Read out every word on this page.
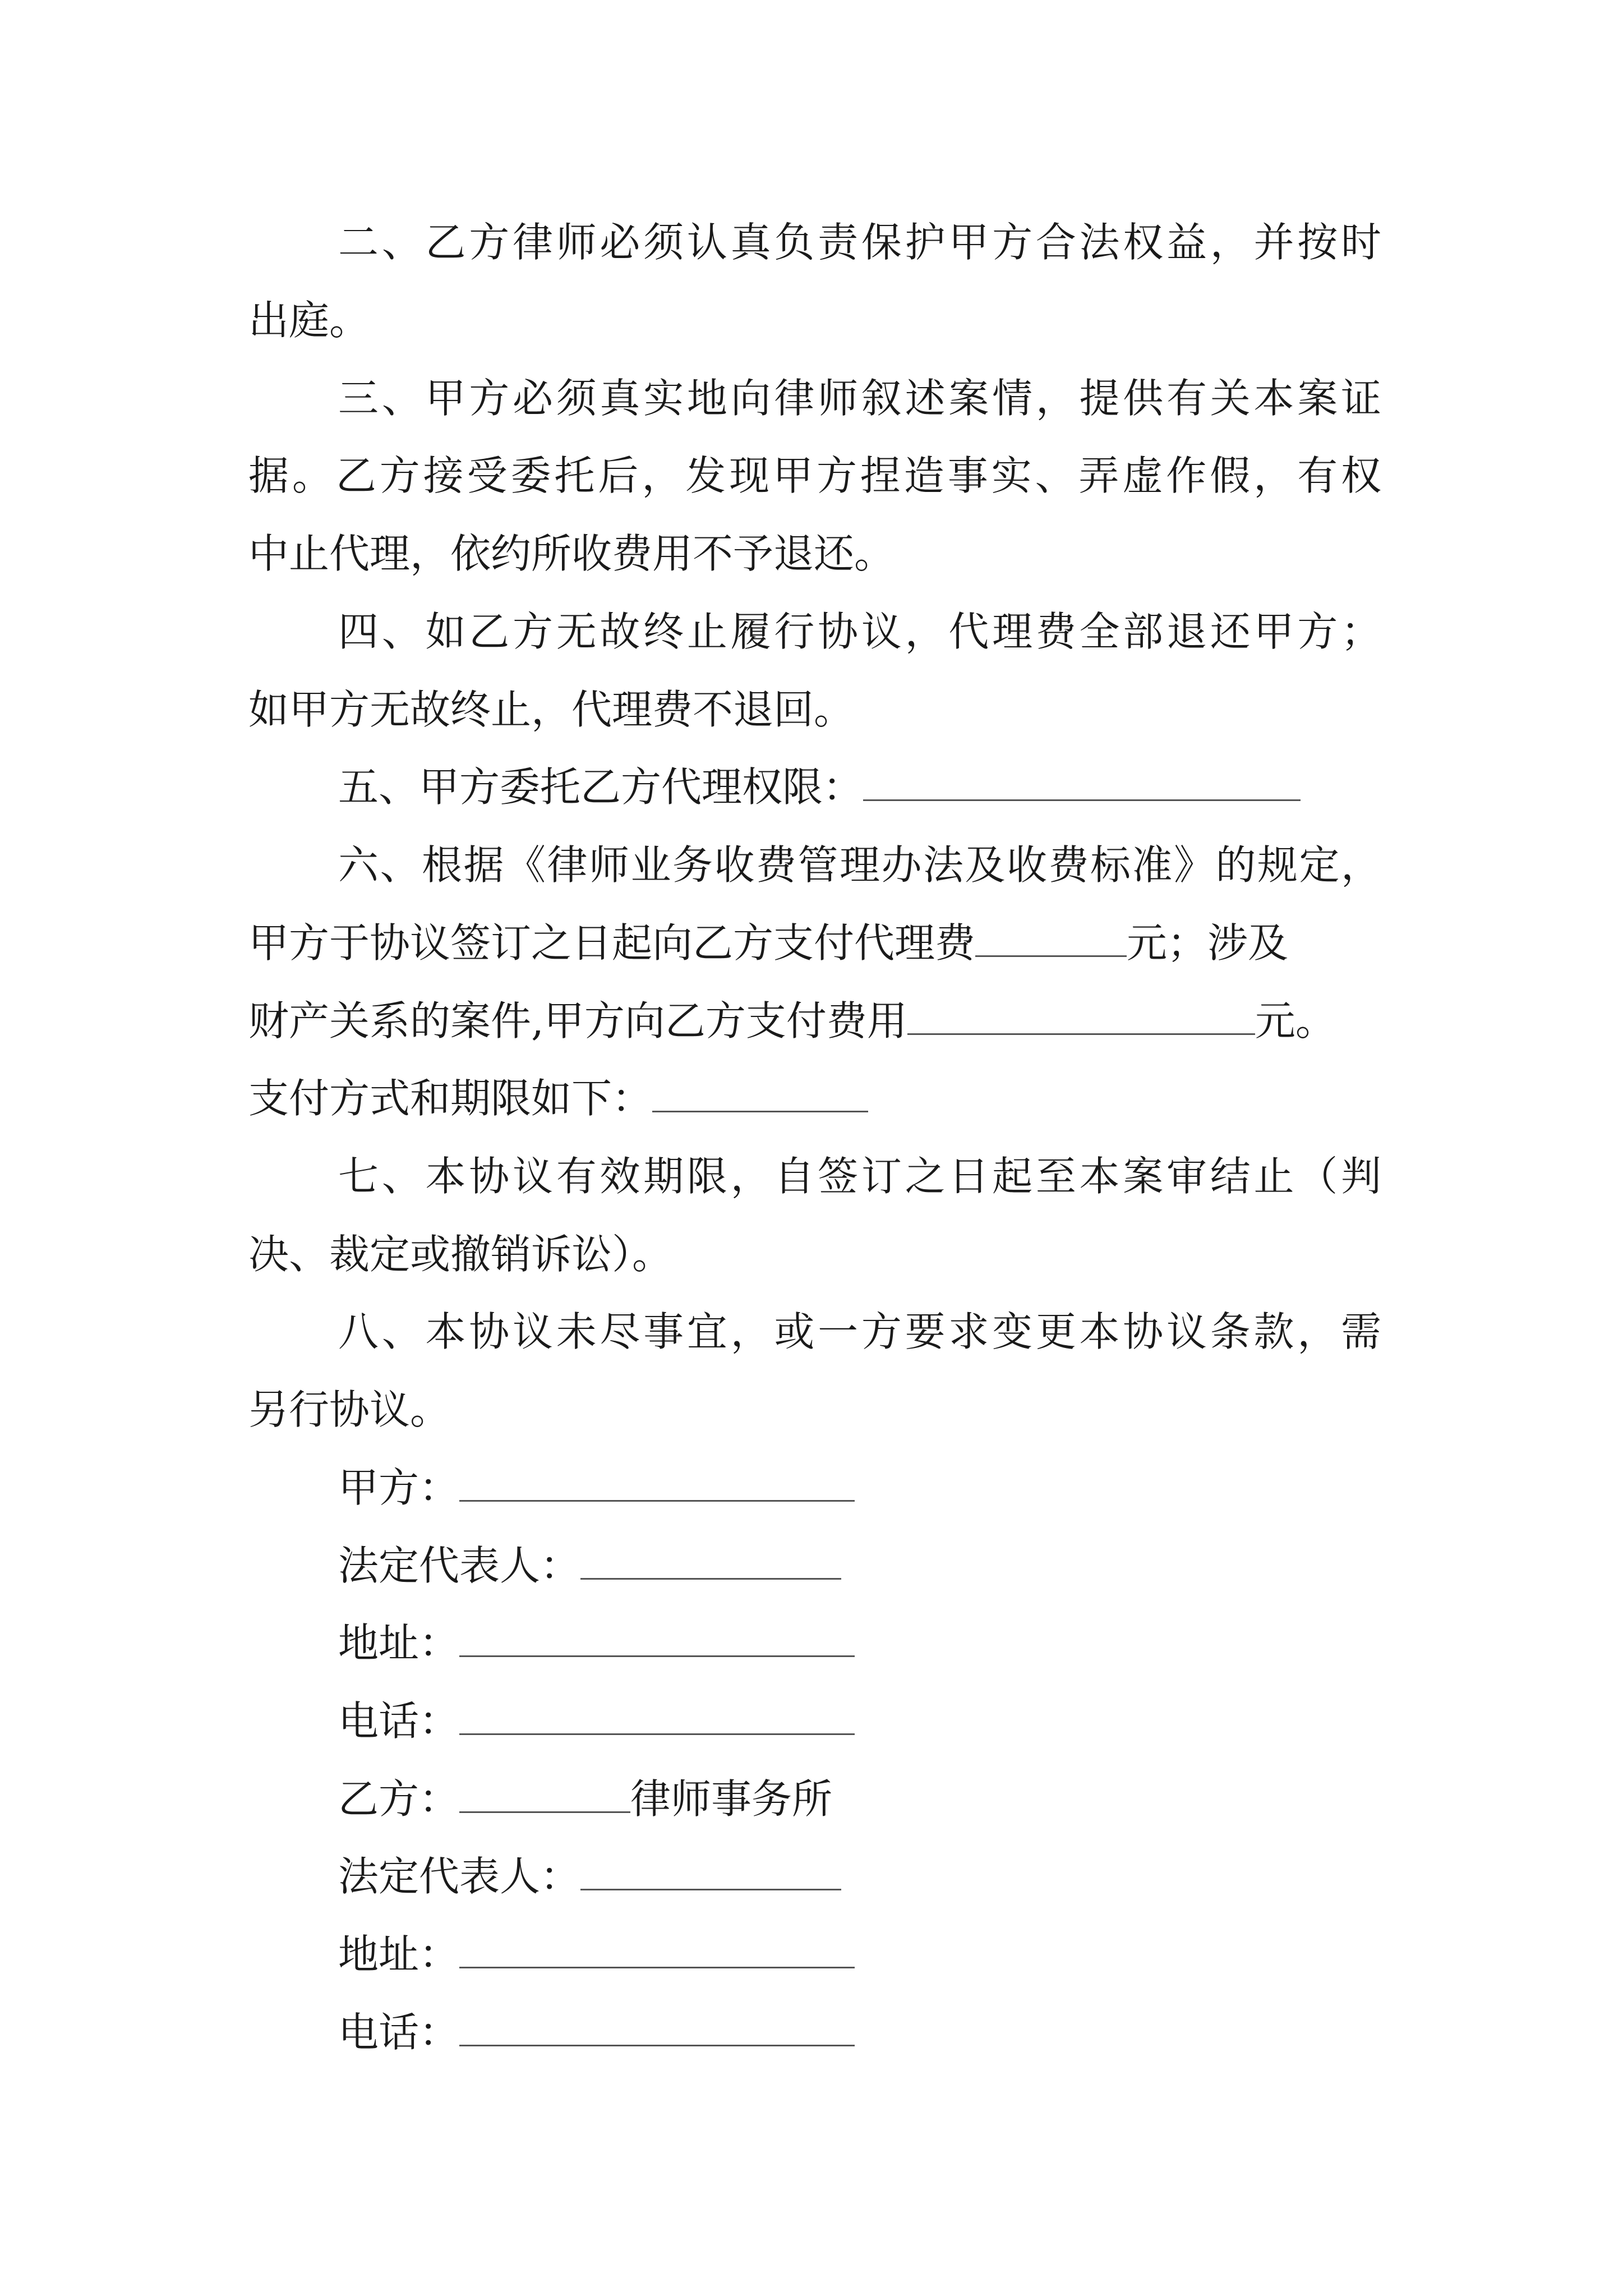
二、乙方律师必须认真负责保护甲方合法权益，并按时
出庭。
三、甲方必须真实地向律师叙述案情，提供有关本案证
据。乙方接受委托后，发现甲方捏造事实、弄虚作假，有权
中止代理，依约所收费用不予退还。
四、如乙方无故终止履行协议，代理费全部退还甲方；
如甲方无故终止，代理费不退回。
五、甲方委托乙方代理权限：
六、根据《律师业务收费管理办法及收费标准》的规定，
甲方于协议签订之日起向乙方支付代理费	元；涉及
财产关系的案件,甲方向乙方支付费用	元。
支付方式和期限如下：
七、本协议有效期限，自签订之日起至本案审结止（判
决、裁定或撤销诉讼）。
八、本协议未尽事宜，或一方要求变更本协议条款，需
另行协议。
甲方：
法定代表人：
地址：
电话：
乙方：	律师事务所
法定代表人：
地址：
电话：
